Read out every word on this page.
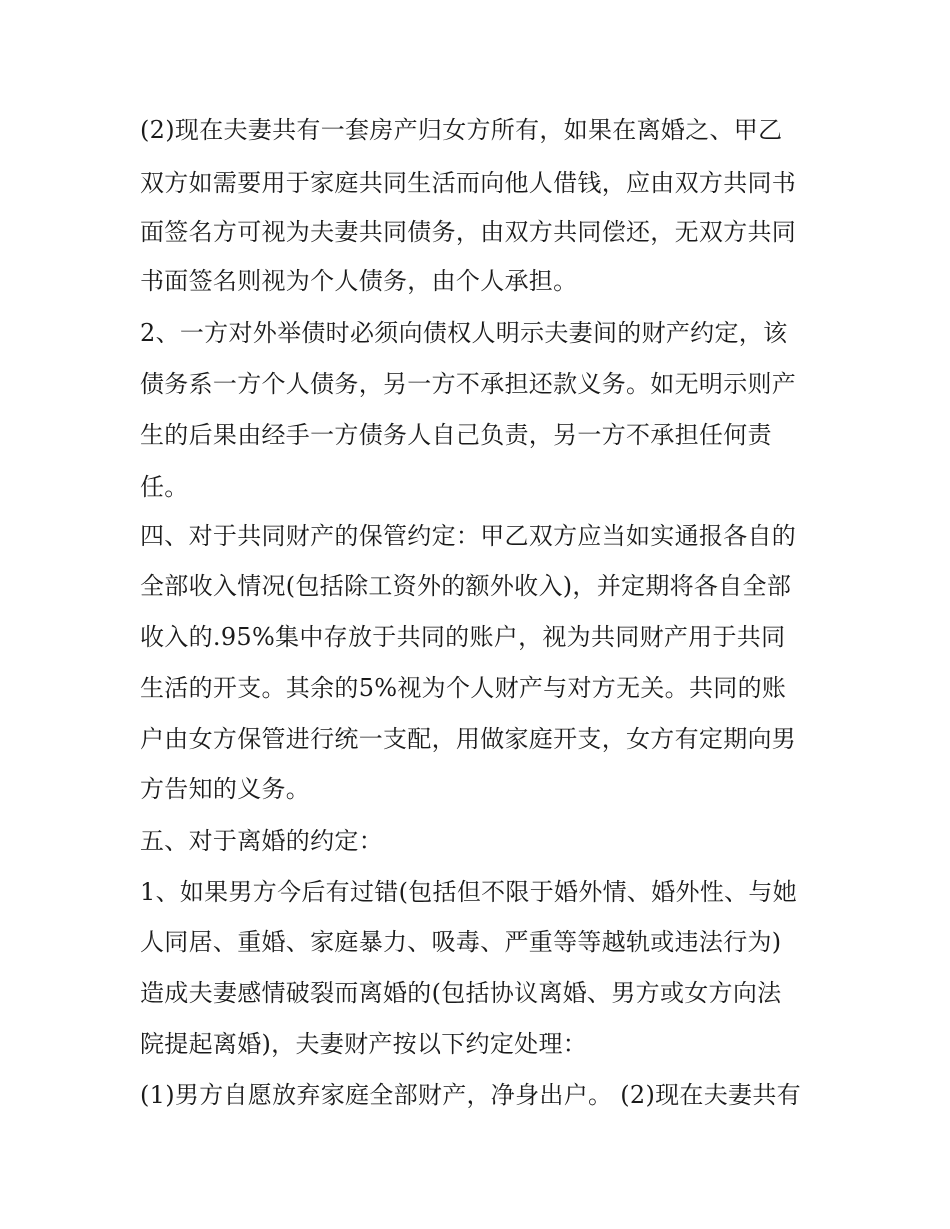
(2)现在夫妻共有一套房产归女方所有，如果在离婚之、甲乙
双方如需要用于家庭共同生活而向他人借钱，应由双方共同书
面签名方可视为夫妻共同债务，由双方共同偿还，无双方共同
书面签名则视为个人债务，由个人承担。
2、一方对外举债时必须向债权人明示夫妻间的财产约定，该
债务系一方个人债务，另一方不承担还款义务。如无明示则产
生的后果由经手一方债务人自己负责，另一方不承担任何责
任。
四、对于共同财产的保管约定：甲乙双方应当如实通报各自的
全部收入情况(包括除工资外的额外收入)，并定期将各自全部
收入的.95%集中存放于共同的账户，视为共同财产用于共同
生活的开支。其余的5%视为个人财产与对方无关。共同的账
户由女方保管进行统一支配，用做家庭开支，女方有定期向男
方告知的义务。
五、对于离婚的约定：
1、如果男方今后有过错(包括但不限于婚外情、婚外性、与她
人同居、重婚、家庭暴力、吸毒、严重等等越轨或违法行为)
造成夫妻感情破裂而离婚的(包括协议离婚、男方或女方向法
院提起离婚)，夫妻财产按以下约定处理：
(1)男方自愿放弃家庭全部财产，净身出户。 (2)现在夫妻共有
